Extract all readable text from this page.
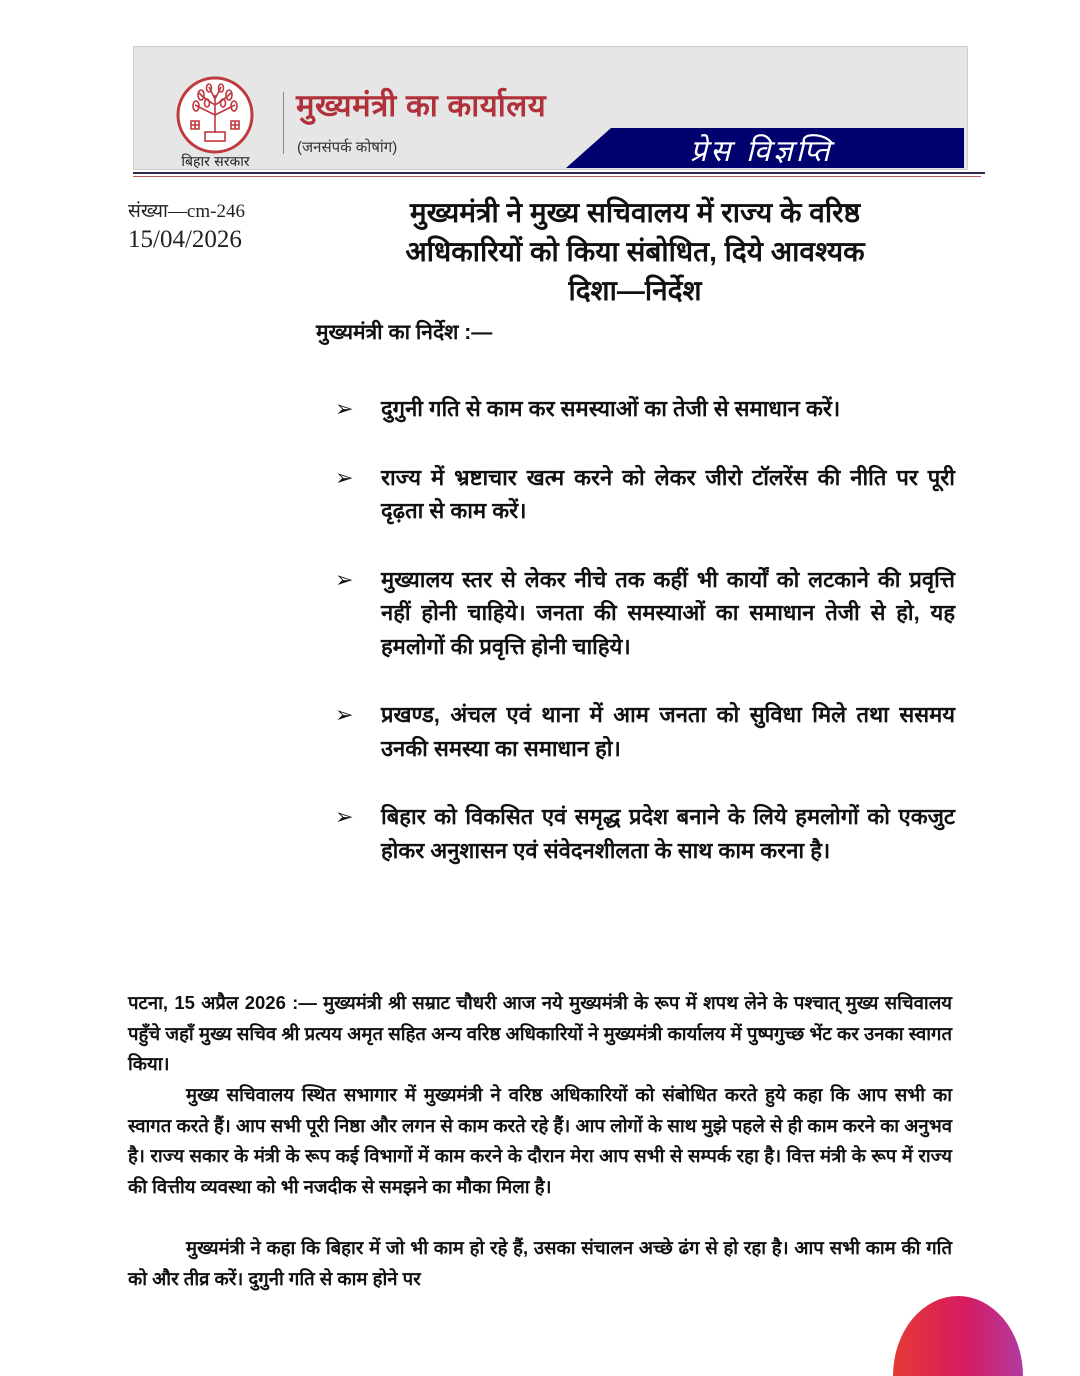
बिहार सरकार
मुख्यमंत्री का कार्यालय
(जनसंपर्क कोषांग)	प्रेस विज्ञप्ति
संख्या—cm-246
15/04/2026
मुख्यमंत्री ने मुख्य सचिवालय में राज्य के वरिष्ठ
अधिकारियों को किया संबोधित, दिये आवश्यक
दिशा—निर्देश
मुख्यमंत्री का निर्देश :—
➢	दुगुनी गति से काम कर समस्याओं का तेजी से समाधान करें।
➢	राज्य में भ्रष्टाचार खत्म करने को लेकर जीरो टॉलरेंस की नीति पर पूरी दृढ़ता से काम करें।
➢	मुख्यालय स्तर से लेकर नीचे तक कहीं भी कार्यों को लटकाने की प्रवृत्ति नहीं होनी चाहिये। जनता की समस्याओं का समाधान तेजी से हो, यह हमलोगों की प्रवृत्ति होनी चाहिये।
➢	प्रखण्ड, अंचल एवं थाना में आम जनता को सुविधा मिले तथा ससमय उनकी समस्या का समाधान हो।
➢	बिहार को विकसित एवं समृद्ध प्रदेश बनाने के लिये हमलोगों को एकजुट होकर अनुशासन एवं संवेदनशीलता के साथ काम करना है।

पटना, 15 अप्रैल 2026 :— मुख्यमंत्री श्री सम्राट चौधरी आज नये मुख्यमंत्री के रूप में शपथ लेने के पश्चात् मुख्य सचिवालय पहुँचे जहाँ मुख्य सचिव श्री प्रत्यय अमृत सहित अन्य वरिष्ठ अधिकारियों ने मुख्यमंत्री कार्यालय में पुष्पगुच्छ भेंट कर उनका स्वागत किया।

मुख्य सचिवालय स्थित सभागार में मुख्यमंत्री ने वरिष्ठ अधिकारियों को संबोधित करते हुये कहा कि आप सभी का स्वागत करते हैं। आप सभी पूरी निष्ठा और लगन से काम करते रहे हैं। आप लोगों के साथ मुझे पहले से ही काम करने का अनुभव है। राज्य सकार के मंत्री के रूप कई विभागों में काम करने के दौरान मेरा आप सभी से सम्पर्क रहा है। वित्त मंत्री के रूप में राज्य की वित्तीय व्यवस्था को भी नजदीक से समझने का मौका मिला है।

मुख्यमंत्री ने कहा कि बिहार में जो भी काम हो रहे हैं, उसका संचालन अच्छे ढंग से हो रहा है। आप सभी काम की गति को और तीव्र करें। दुगुनी गति से काम होने पर
